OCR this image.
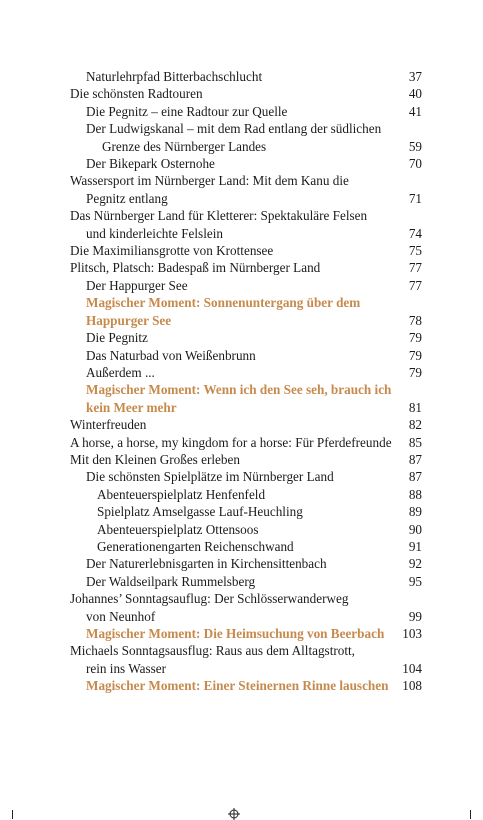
Naturlehrpfad Bitterbachschlucht	37
Die schönsten Radtouren	40
Die Pegnitz – eine Radtour zur Quelle	41
Der Ludwigskanal – mit dem Rad entlang der südlichen
Grenze des Nürnberger Landes	59
Der Bikepark Osternohe	70
Wassersport im Nürnberger Land: Mit dem Kanu die
Pegnitz entlang	71
Das Nürnberger Land für Kletterer: Spektakuläre Felsen
und kinderleichte Felslein	74
Die Maximiliansgrotte von Krottensee	75
Plitsch, Platsch: Badespaß im Nürnberger Land	77
Der Happurger See	77
Magischer Moment: Sonnenuntergang über dem
Happurger See	78
Die Pegnitz	79
Das Naturbad von Weißenbrunn	79
Außerdem ...	79
Magischer Moment: Wenn ich den See seh, brauch ich
kein Meer mehr	81
Winterfreuden	82
A horse, a horse, my kingdom for a horse: Für Pferdefreunde	85
Mit den Kleinen Großes erleben	87
Die schönsten Spielplätze im Nürnberger Land	87
Abenteuerspielplatz Henfenfeld	88
Spielplatz Amselgasse Lauf-Heuchling	89
Abenteuerspielplatz Ottensoos	90
Generationengarten Reichenschwand	91
Der Naturerlebnisgarten in Kirchensittenbach	92
Der Waldseilpark Rummelsberg	95
Johannes’ Sonntagsauflug: Der Schlösserwanderweg
von Neunhof	99
Magischer Moment: Die Heimsuchung von Beerbach	103
Michaels Sonntagsausflug: Raus aus dem Alltagstrott,
rein ins Wasser	104
Magischer Moment: Einer Steinernen Rinne lauschen	108
